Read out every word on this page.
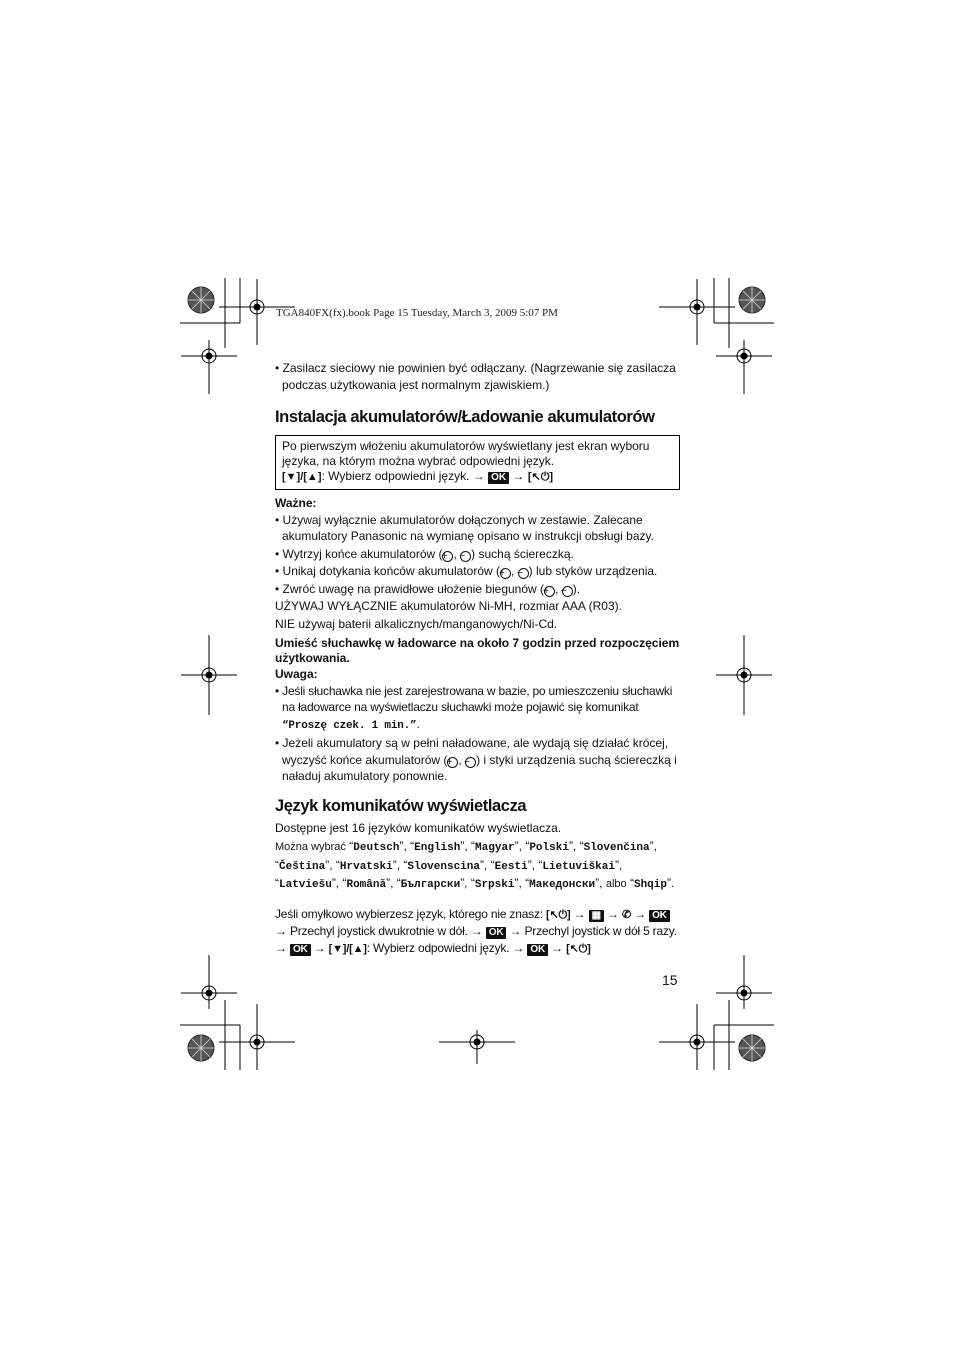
TGA840FX(fx).book Page 15 Tuesday, March 3, 2009 5:07 PM

• Zasilacz sieciowy nie powinien być odłączany. (Nagrzewanie się zasilacza podczas użytkowania jest normalnym zjawiskiem.)

Instalacja akumulatorów/Ładowanie akumulatorów
Po pierwszym włożeniu akumulatorów wyświetlany jest ekran wyboru języka, na którym można wybrać odpowiedni język.
[▼]/[▲]: Wybierz odpowiedni język. → OK → [↖⏻]

Ważne:

• Używaj wyłącznie akumulatorów dołączonych w zestawie. Zalecane akumulatory Panasonic na wymianę opisano w instrukcji obsługi bazy.

• Wytrzyj końce akumulatorów (+ , − ) suchą ściereczką.

• Unikaj dotykania końców akumulatorów (+ , − ) lub styków urządzenia.

• Zwróć uwagę na prawidłowe ułożenie biegunów (+ , − ).

UŻYWAJ WYŁĄCZNIE akumulatorów Ni-MH, rozmiar AAA (R03).

NIE używaj baterii alkalicznych/manganowych/Ni-Cd.

Umieść słuchawkę w ładowarce na około 7 godzin przed rozpoczęciem użytkowania.

Uwaga:

• Jeśli słuchawka nie jest zarejestrowana w bazie, po umieszczeniu słuchawki na ładowarce na wyświetlaczu słuchawki może pojawić się komunikat
“Proszę czek. 1 min.”.

• Jeżeli akumulatory są w pełni naładowane, ale wydają się działać krócej, wyczyść końce akumulatorów (+ , − ) i styki urządzenia suchą ściereczką i naładuj akumulatory ponownie.

Język komunikatów wyświetlacza

Dostępne jest 16 języków komunikatów wyświetlacza.

Można wybrać “Deutsch”, “English”, “Magyar”, “Polski”, “Slovenčina”, “Čeština”, “Hrvatski”, “Slovenscina”, “Eesti”, “Lietuviškai”, “Latviešu”, “Română”, “Български”, “Srpski”, “Македонски”, albo “Shqip”.

Jeśli omyłkowo wybierzesz język, którego nie znasz: [↖⏻] → ▦ → ✆ → OK → Przechyl joystick dwukrotnie w dół. → OK → Przechyl joystick w dół 5 razy. → OK → [▼]/[▲]: Wybierz odpowiedni język. → OK → [↖⏻]

15
